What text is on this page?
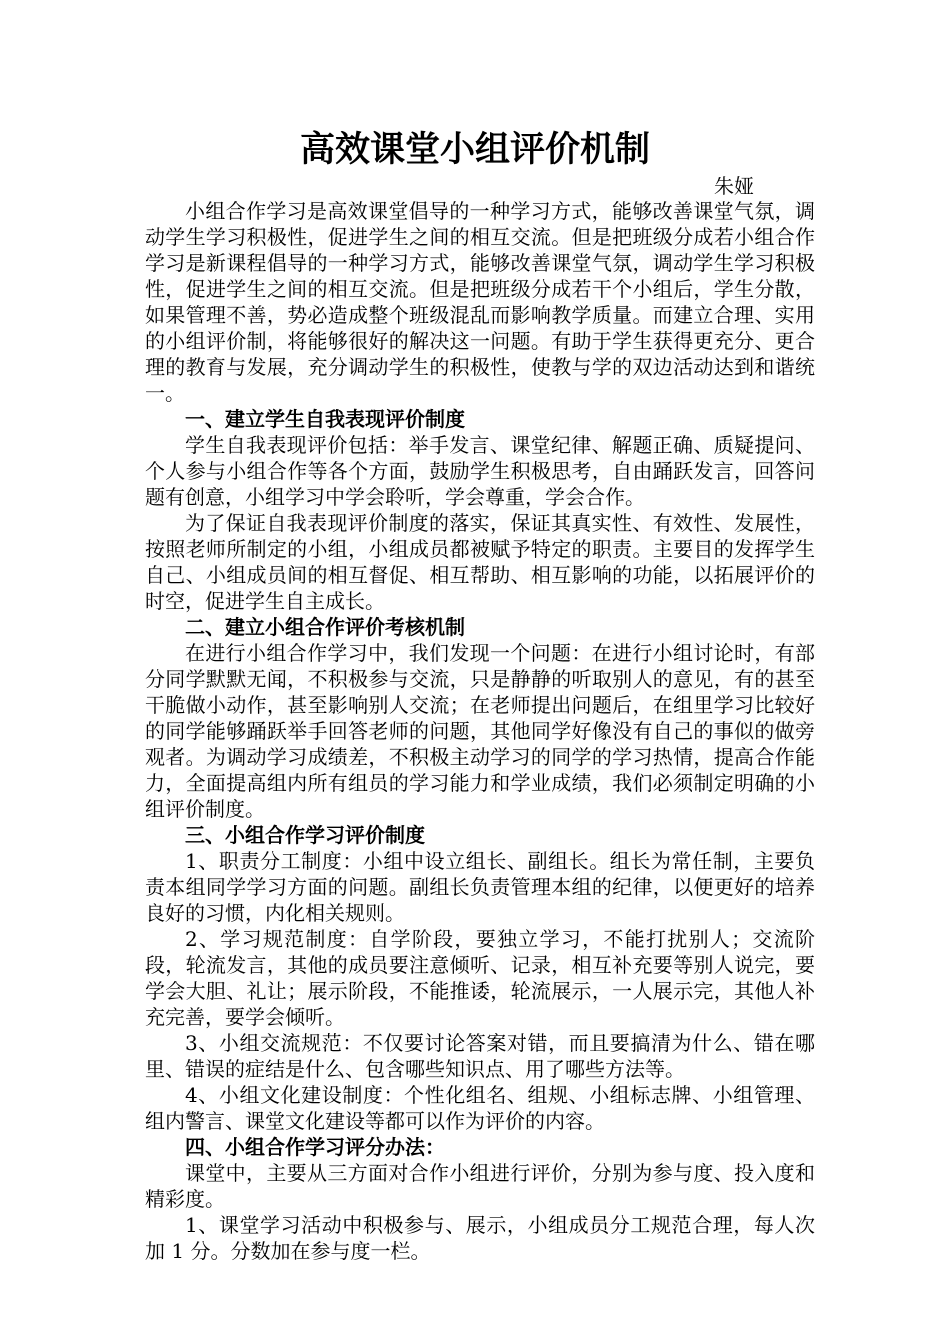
高效课堂小组评价机制
朱娅

小组合作学习是高效课堂倡导的一种学习方式，能够改善课堂气氛，调动学生学习积极性，促进学生之间的相互交流。但是把班级分成若小组合作学习是新课程倡导的一种学习方式，能够改善课堂气氛，调动学生学习积极性，促进学生之间的相互交流。但是把班级分成若干个小组后，学生分散，如果管理不善，势必造成整个班级混乱而影响教学质量。而建立合理、实用的小组评价制，将能够很好的解决这一问题。有助于学生获得更充分、更合理的教育与发展，充分调动学生的积极性，使教与学的双边活动达到和谐统一。

一、建立学生自我表现评价制度

学生自我表现评价包括：举手发言、课堂纪律、解题正确、质疑提问、个人参与小组合作等各个方面，鼓励学生积极思考，自由踊跃发言，回答问题有创意，小组学习中学会聆听，学会尊重，学会合作。

为了保证自我表现评价制度的落实，保证其真实性、有效性、发展性，按照老师所制定的小组，小组成员都被赋予特定的职责。主要目的发挥学生自己、小组成员间的相互督促、相互帮助、相互影响的功能，以拓展评价的时空，促进学生自主成长。

二、建立小组合作评价考核机制

在进行小组合作学习中，我们发现一个问题：在进行小组讨论时，有部分同学默默无闻，不积极参与交流，只是静静的听取别人的意见，有的甚至干脆做小动作，甚至影响别人交流；在老师提出问题后，在组里学习比较好的同学能够踊跃举手回答老师的问题，其他同学好像没有自己的事似的做旁观者。为调动学习成绩差，不积极主动学习的同学的学习热情，提高合作能力，全面提高组内所有组员的学习能力和学业成绩，我们必须制定明确的小组评价制度。

三、小组合作学习评价制度

1、职责分工制度：小组中设立组长、副组长。组长为常任制，主要负责本组同学学习方面的问题。副组长负责管理本组的纪律，以便更好的培养良好的习惯，内化相关规则。

2、学习规范制度：自学阶段，要独立学习，不能打扰别人；交流阶段，轮流发言，其他的成员要注意倾听、记录，相互补充要等别人说完，要学会大胆、礼让；展示阶段，不能推诿，轮流展示，一人展示完，其他人补充完善，要学会倾听。

3、小组交流规范：不仅要讨论答案对错，而且要搞清为什么、错在哪里、错误的症结是什么、包含哪些知识点、用了哪些方法等。

4、小组文化建设制度：个性化组名、组规、小组标志牌、小组管理、组内警言、课堂文化建设等都可以作为评价的内容。

四、小组合作学习评分办法：

课堂中，主要从三方面对合作小组进行评价，分别为参与度、投入度和精彩度。

1、课堂学习活动中积极参与、展示，小组成员分工规范合理，每人次加 1 分。分数加在参与度一栏。
